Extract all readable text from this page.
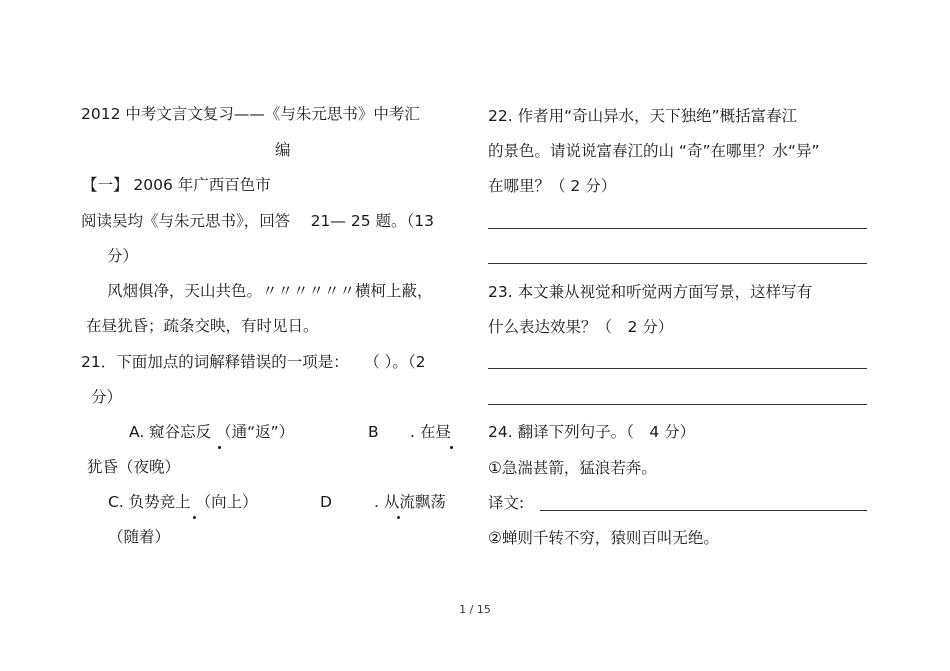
2012 中考文言文复习——《与朱元思书》中考汇
编
【一】 2006 年广西百色市
阅读吴均《与朱元思书》，回答　 21— 25 题。（13
分）
风烟俱净，天山共色。〃〃〃〃〃〃横柯上蔽，
在昼犹昏；疏条交映，有时见日。
21．下面加点的词解释错误的一项是：　　（ ）。（2
分）
A. 窥谷忘反 （通“返”）	B . 在昼
犹昏（夜晚）
C. 负势竞上 （向上）	D	. 从流飘荡
（随着）
22. 作者用“奇山异水，天下独绝”概括富春江
的景色。请说说富春江的山 “奇”在哪里？水“异”
在哪里？（ 2 分）
23. 本文兼从视觉和听觉两方面写景，这样写有
什么表达效果？（　2 分）
24. 翻译下列句子。（　4 分）
①急湍甚箭，猛浪若奔。
译文:
②蝉则千转不穷，猿则百叫无绝。
1 / 15
